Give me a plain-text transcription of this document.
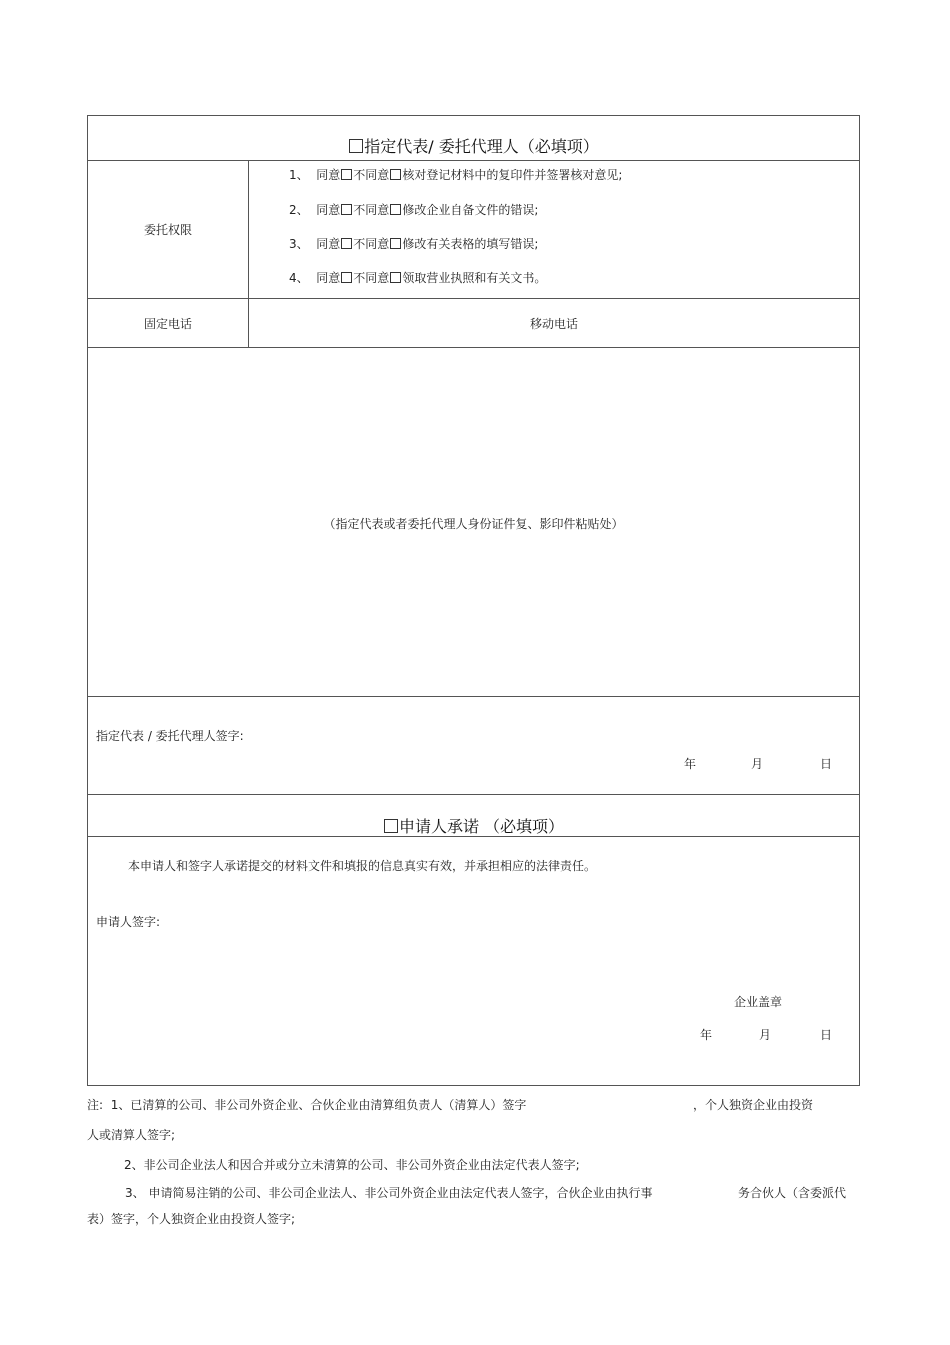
指定代表/ 委托代理人（必填项）
委托权限
1、 同意 不同意 核对登记材料中的复印件并签署核对意见;
2、 同意 不同意 修改企业自备文件的错误;
3、 同意 不同意 修改有关表格的填写错误;
4、 同意 不同意 领取营业执照和有关文书。
固定电话	移动电话
（指定代表或者委托代理人身份证件复、影印件粘贴处）
指定代表 / 委托代理人签字:
年	月	日
申请人承诺 （必填项）
本申请人和签字人承诺提交的材料文件和填报的信息真实有效，并承担相应的法律责任。
申请人签字:
企业盖章
年	月	日
注: 1、已清算的公司、非公司外资企业、合伙企业由清算组负责人（清算人）签字	，个人独资企业由投资
人或清算人签字;
2、非公司企业法人和因合并或分立未清算的公司、非公司外资企业由法定代表人签字;
3、 申请简易注销的公司、非公司企业法人、非公司外资企业由法定代表人签字，合伙企业由执行事	务合伙人（含委派代
表）签字，个人独资企业由投资人签字;
